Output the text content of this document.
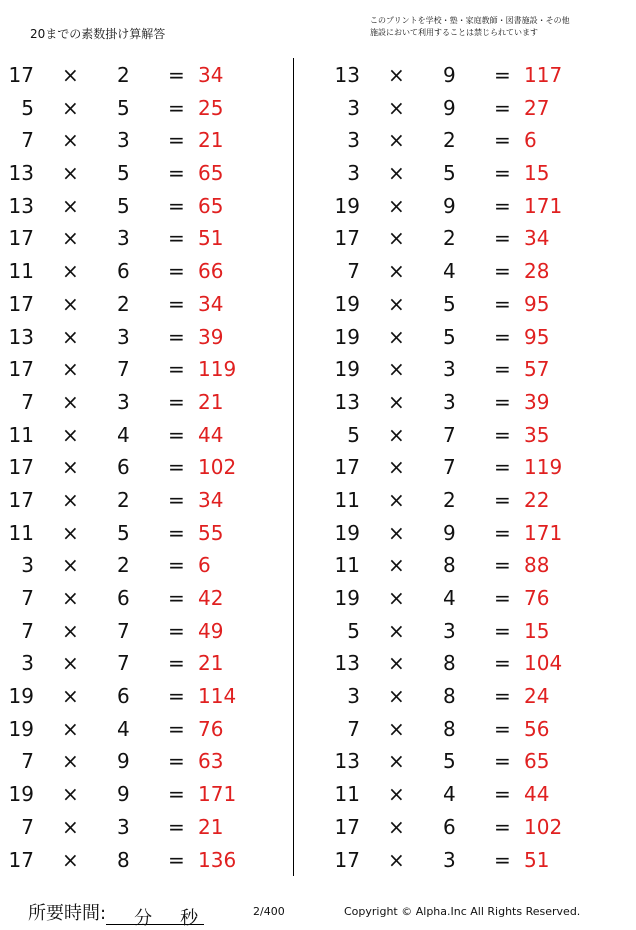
20までの素数掛け算解答
このプリントを学校・塾・家庭教師・図書施設・その他
施設において利用することは禁じられています
17 × 2 = 34
5 × 5 = 25
7 × 3 = 21
13 × 5 = 65
13 × 5 = 65
17 × 3 = 51
11 × 6 = 66
17 × 2 = 34
13 × 3 = 39
17 × 7 = 119
7 × 3 = 21
11 × 4 = 44
17 × 6 = 102
17 × 2 = 34
11 × 5 = 55
3 × 2 = 6
7 × 6 = 42
7 × 7 = 49
3 × 7 = 21
19 × 6 = 114
19 × 4 = 76
7 × 9 = 63
19 × 9 = 171
7 × 3 = 21
17 × 8 = 136
13 × 9 = 117
3 × 9 = 27
3 × 2 = 6
3 × 5 = 15
19 × 9 = 171
17 × 2 = 34
7 × 4 = 28
19 × 5 = 95
19 × 5 = 95
19 × 3 = 57
13 × 3 = 39
5 × 7 = 35
17 × 7 = 119
11 × 2 = 22
19 × 9 = 171
11 × 8 = 88
19 × 4 = 76
5 × 3 = 15
13 × 8 = 104
3 × 8 = 24
7 × 8 = 56
13 × 5 = 65
11 × 4 = 44
17 × 6 = 102
17 × 3 = 51
所要時間: 分 秒	2/400	Copyright © Alpha.Inc All Rights Reserved.
